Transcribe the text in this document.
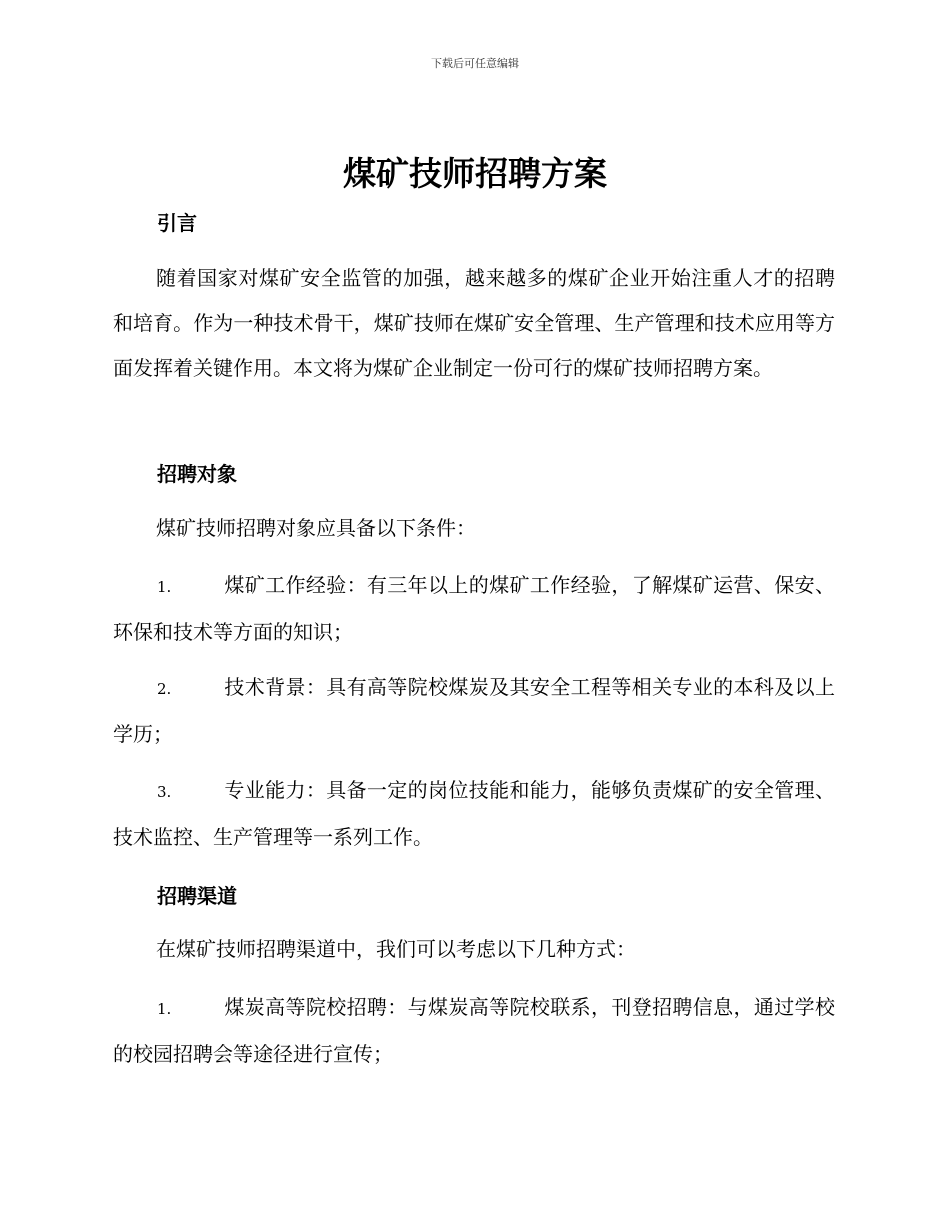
下载后可任意编辑
煤矿技师招聘方案
引言
随着国家对煤矿安全监管的加强，越来越多的煤矿企业开始注重人才的招聘和培育。作为一种技术骨干，煤矿技师在煤矿安全管理、生产管理和技术应用等方面发挥着关键作用。本文将为煤矿企业制定一份可行的煤矿技师招聘方案。
招聘对象
煤矿技师招聘对象应具备以下条件：
1.	煤矿工作经验：有三年以上的煤矿工作经验，了解煤矿运营、保安、环保和技术等方面的知识；
2.	技术背景：具有高等院校煤炭及其安全工程等相关专业的本科及以上学历；
3.	专业能力：具备一定的岗位技能和能力，能够负责煤矿的安全管理、技术监控、生产管理等一系列工作。
招聘渠道
在煤矿技师招聘渠道中，我们可以考虑以下几种方式：
1.	煤炭高等院校招聘：与煤炭高等院校联系，刊登招聘信息，通过学校的校园招聘会等途径进行宣传；
